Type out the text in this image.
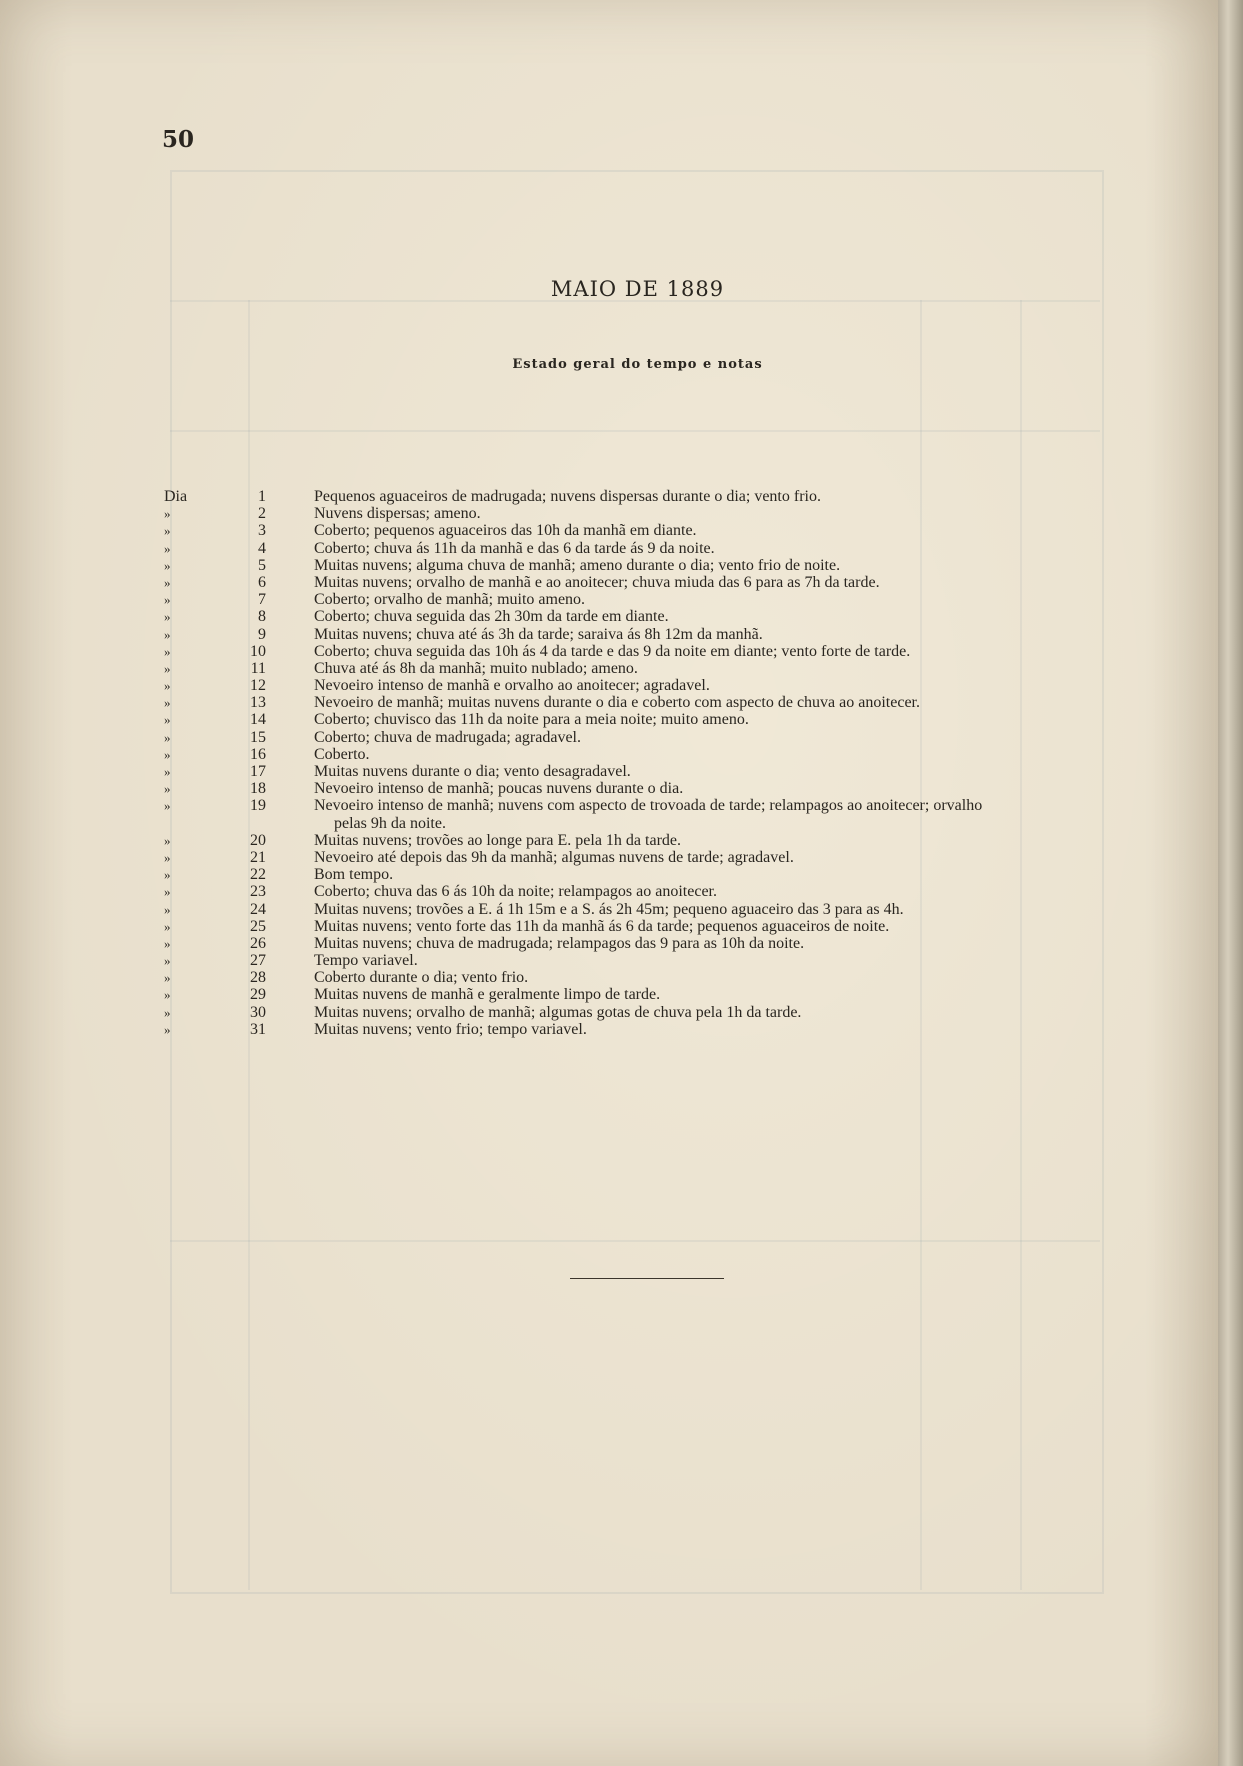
50
MAIO DE 1889
Estado geral do tempo e notas
Dia	1	Pequenos aguaceiros de madrugada; nuvens dispersas durante o dia; vento frio.
»	2	Nuvens dispersas; ameno.
»	3	Coberto; pequenos aguaceiros das 10h da manhã em diante.
»	4	Coberto; chuva ás 11h da manhã e das 6 da tarde ás 9 da noite.
»	5	Muitas nuvens; alguma chuva de manhã; ameno durante o dia; vento frio de noite.
»	6	Muitas nuvens; orvalho de manhã e ao anoitecer; chuva miuda das 6 para as 7h da tarde.
»	7	Coberto; orvalho de manhã; muito ameno.
»	8	Coberto; chuva seguida das 2h 30m da tarde em diante.
»	9	Muitas nuvens; chuva até ás 3h da tarde; saraiva ás 8h 12m da manhã.
»	10	Coberto; chuva seguida das 10h ás 4 da tarde e das 9 da noite em diante; vento forte de tarde.
»	11	Chuva até ás 8h da manhã; muito nublado; ameno.
»	12	Nevoeiro intenso de manhã e orvalho ao anoitecer; agradavel.
»	13	Nevoeiro de manhã; muitas nuvens durante o dia e coberto com aspecto de chuva ao anoitecer.
»	14	Coberto; chuvisco das 11h da noite para a meia noite; muito ameno.
»	15	Coberto; chuva de madrugada; agradavel.
»	16	Coberto.
»	17	Muitas nuvens durante o dia; vento desagradavel.
»	18	Nevoeiro intenso de manhã; poucas nuvens durante o dia.
»	19	Nevoeiro intenso de manhã; nuvens com aspecto de trovoada de tarde; relampagos ao anoitecer; orvalho
pelas 9h da noite.
»	20	Muitas nuvens; trovões ao longe para E. pela 1h da tarde.
»	21	Nevoeiro até depois das 9h da manhã; algumas nuvens de tarde; agradavel.
»	22	Bom tempo.
»	23	Coberto; chuva das 6 ás 10h da noite; relampagos ao anoitecer.
»	24	Muitas nuvens; trovões a E. á 1h 15m e a S. ás 2h 45m; pequeno aguaceiro das 3 para as 4h.
»	25	Muitas nuvens; vento forte das 11h da manhã ás 6 da tarde; pequenos aguaceiros de noite.
»	26	Muitas nuvens; chuva de madrugada; relampagos das 9 para as 10h da noite.
»	27	Tempo variavel.
»	28	Coberto durante o dia; vento frio.
»	29	Muitas nuvens de manhã e geralmente limpo de tarde.
»	30	Muitas nuvens; orvalho de manhã; algumas gotas de chuva pela 1h da tarde.
»	31	Muitas nuvens; vento frio; tempo variavel.
